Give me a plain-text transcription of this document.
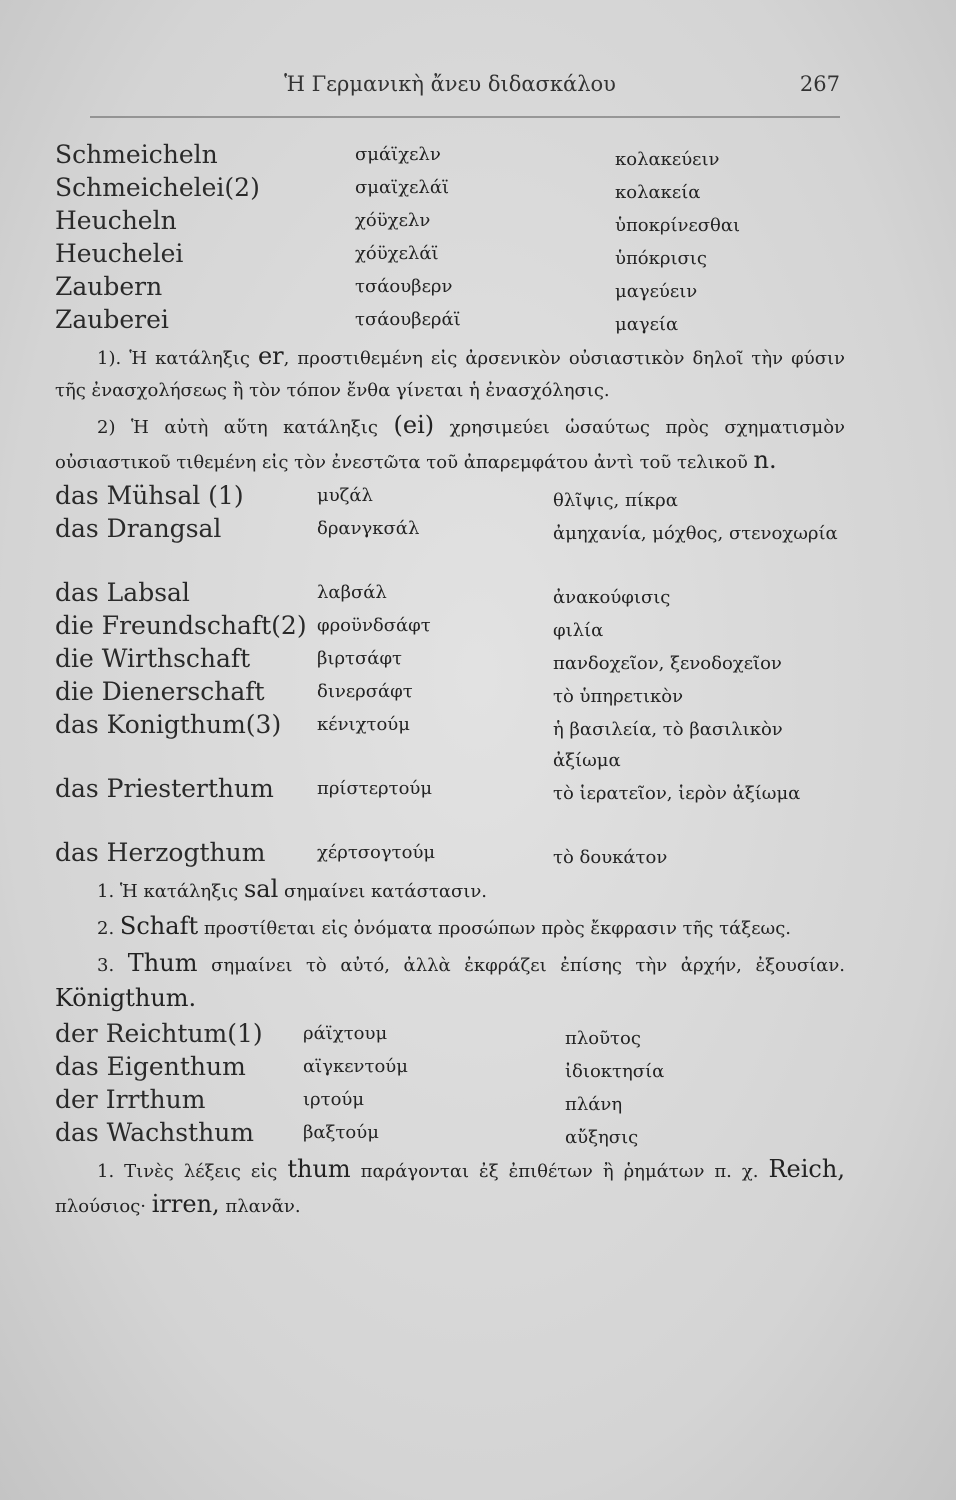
Ἡ Γερμανικὴ ἄνευ διδασκάλου	267
Schmeicheln	σμάϊχελν	κολακεύειν
Schmeichelei(2)	σμαϊχελάϊ	κολακεία
Heucheln	χόϋχελν	ὑποκρίνεσθαι
Heuchelei	χόϋχελάϊ	ὑπόκρισις
Zaubern	τσάουβερν	μαγεύειν
Zauberei	τσάουβεράϊ	μαγεία

1). Ἡ κατάληξις er, προστιθεμένη εἰς ἀρσενικὸν οὐσιαστικὸν δηλοῖ τὴν φύσιν τῆς ἐνασχολήσεως ἢ τὸν τόπον ἔνθα γίνεται ἡ ἐνασχόλησις.

2) Ἡ αὐτὴ αὕτη κατάληξις (ei) χρησιμεύει ὡσαύτως πρὸς σχηματισμὸν οὐσιαστικοῦ τιθεμένη εἰς τὸν ἐνεστῶτα τοῦ ἀπαρεμφάτου ἀντὶ τοῦ τελικοῦ n.

das Mühsal (1)	μυζάλ	θλῖψις, πίκρα
das Drangsal	δρανγκσάλ	ἀμηχανία, μόχθος, στενοχωρία
das Labsal	λαβσάλ	ἀνακούφισις
die Freundschaft(2) φροϋνδσάφτ	φιλία
die Wirthschaft	βιρτσάφτ	πανδοχεῖον, ξενοδοχεῖον
die Dienerschaft	δινερσάφτ	τὸ ὑπηρετικὸν
das Konigthum(3) κένιχτούμ	ἡ βασιλεία, τὸ βασιλικὸν ἀξίωμα
das Priesterthum πρίστερτούμ	τὸ ἱερατεῖον, ἱερὸν ἀξίωμα
das Herzogthum	χέρτσογτούμ	τὸ δουκάτον

1. Ἡ κατάληξις sal σημαίνει κατάστασιν.

2. Schaft προστίθεται εἰς ὀνόματα προσώπων πρὸς ἔκφρασιν τῆς τάξεως.

3. Thum σημαίνει τὸ αὐτό, ἀλλὰ ἐκφράζει ἐπίσης τὴν ἀρχήν, ἐξουσίαν. Königthum.

der Reichtum(1) ράϊχτουμ	πλοῦτος
das Eigenthum	αϊγκεντούμ	ἰδιοκτησία
der Irrthum	ιρτούμ	πλάνη
das Wachsthum	βαξτούμ	αὔξησις

1. Τινὲς λέξεις εἰς thum παράγονται ἐξ ἐπιθέτων ἢ ῥημάτων π. χ. Reich, πλούσιος· irren, πλανᾶν.
